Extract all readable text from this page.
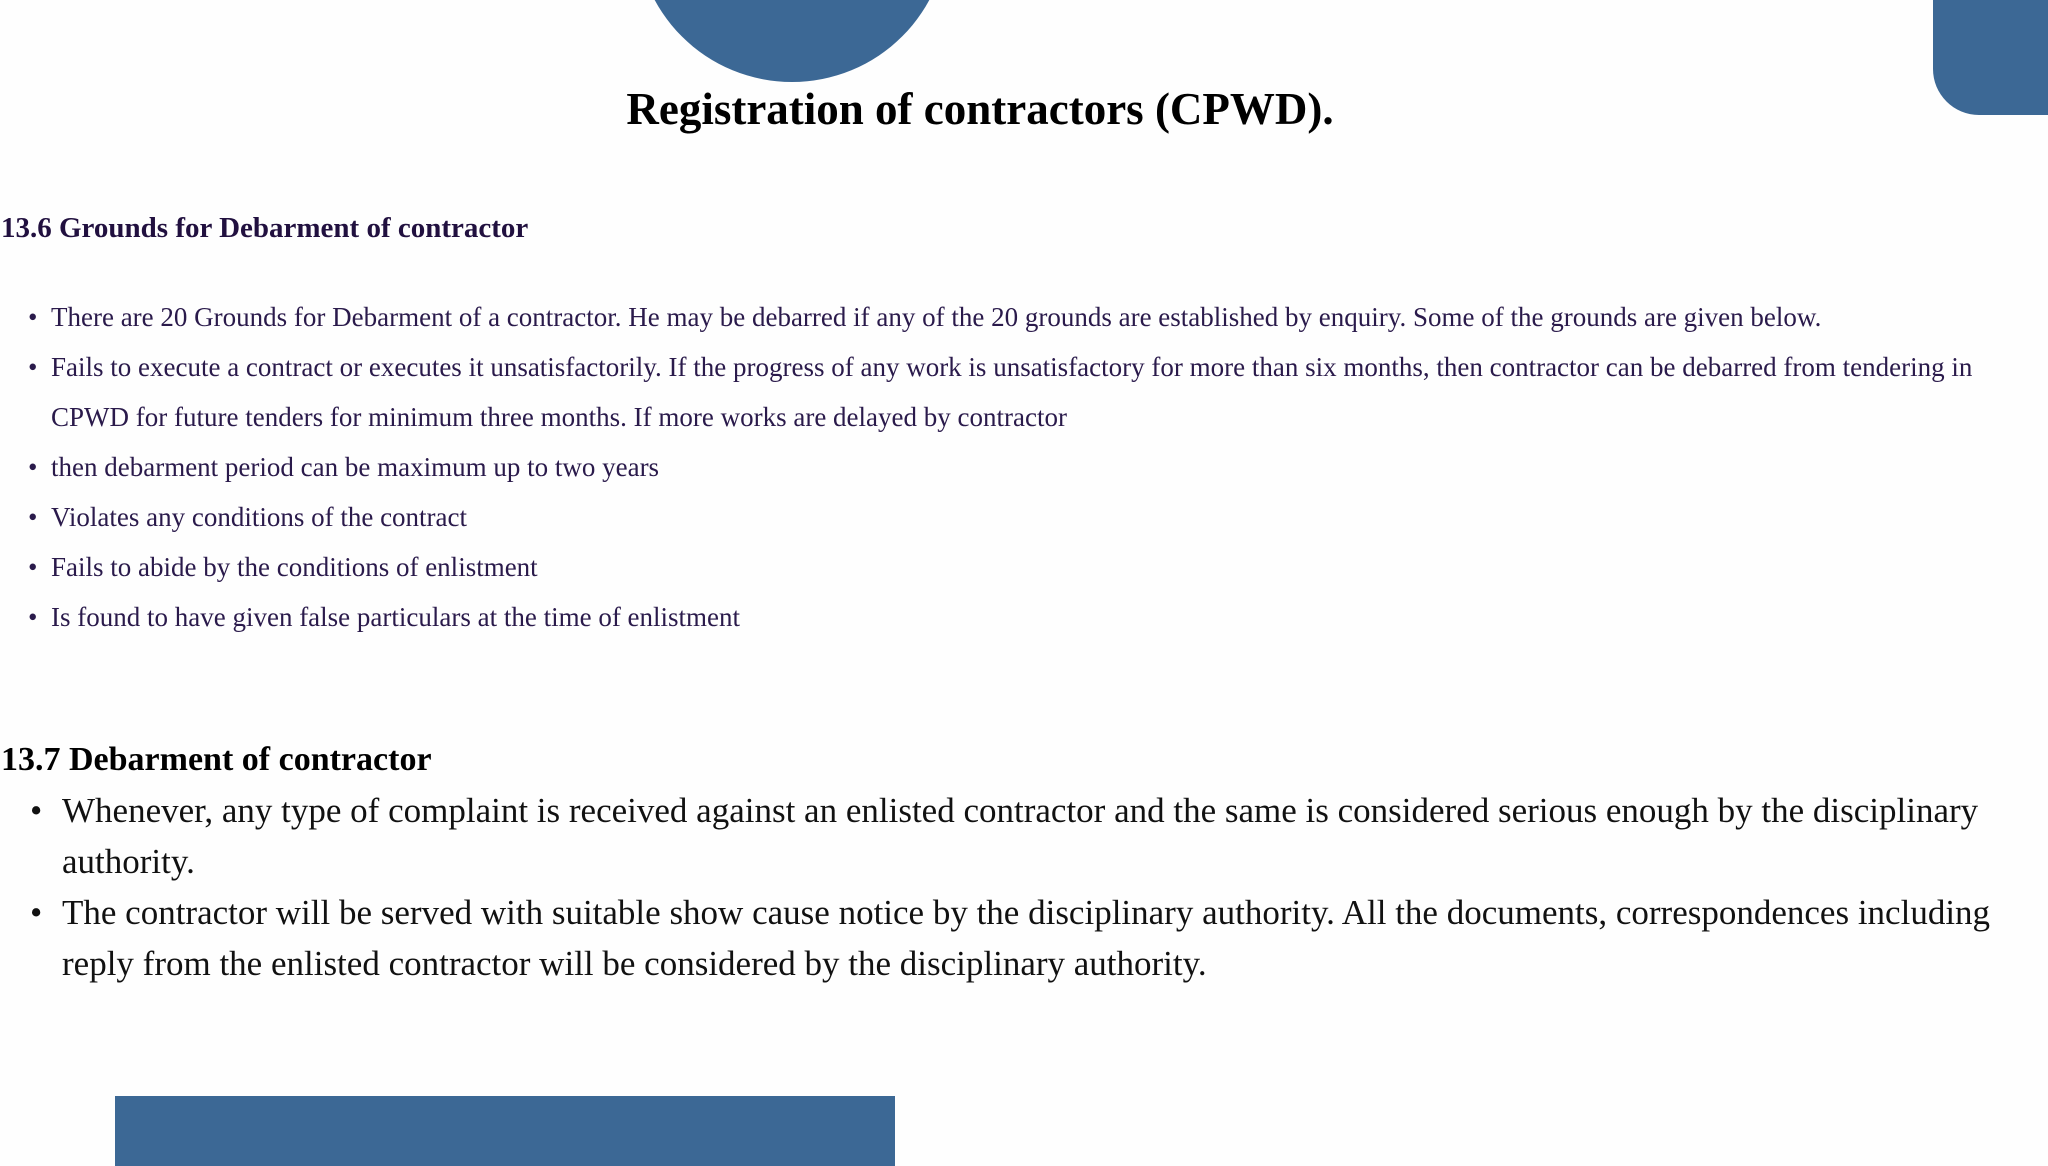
Registration of contractors (CPWD).
13.6 Grounds for Debarment of contractor
• There are 20 Grounds for Debarment of a contractor. He may be debarred if any of the 20 grounds are established by enquiry. Some of the grounds are given below.
• Fails to execute a contract or executes it unsatisfactorily. If the progress of any work is unsatisfactory for more than six months, then contractor can be debarred from tendering in CPWD for future tenders for minimum three months. If more works are delayed by contractor
• then debarment period can be maximum up to two years
• Violates any conditions of the contract
• Fails to abide by the conditions of enlistment
• Is found to have given false particulars at the time of enlistment
13.7 Debarment of contractor
• Whenever, any type of complaint is received against an enlisted contractor and the same is considered serious enough by the disciplinary authority.
• The contractor will be served with suitable show cause notice by the disciplinary authority. All the documents, correspondences including reply from the enlisted contractor will be considered by the disciplinary authority.
